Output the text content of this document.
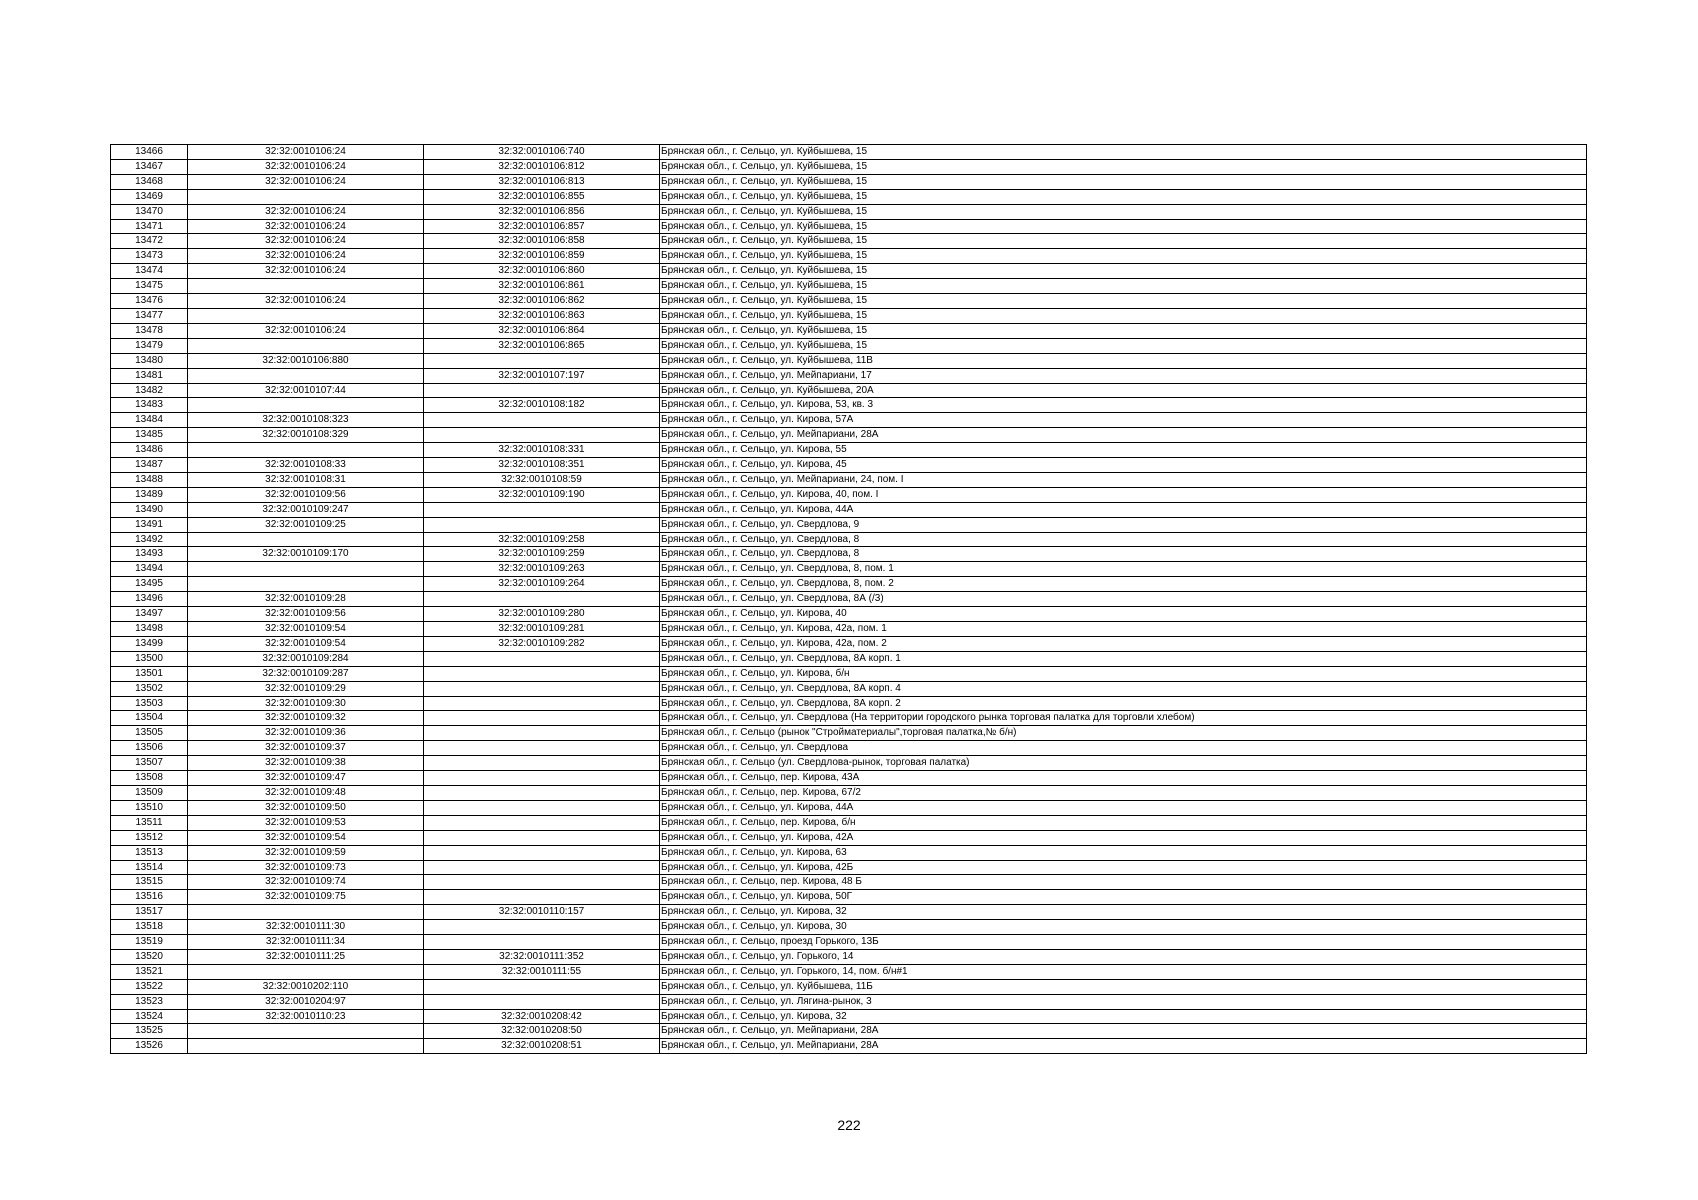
13466	32:32:0010106:24	32:32:0010106:740	Брянская обл., г. Сельцо, ул. Куйбышева, 15
13467	32:32:0010106:24	32:32:0010106:812	Брянская обл., г. Сельцо, ул. Куйбышева, 15
13468	32:32:0010106:24	32:32:0010106:813	Брянская обл., г. Сельцо, ул. Куйбышева, 15
13469		32:32:0010106:855	Брянская обл., г. Сельцо, ул. Куйбышева, 15
13470	32:32:0010106:24	32:32:0010106:856	Брянская обл., г. Сельцо, ул. Куйбышева, 15
13471	32:32:0010106:24	32:32:0010106:857	Брянская обл., г. Сельцо, ул. Куйбышева, 15
13472	32:32:0010106:24	32:32:0010106:858	Брянская обл., г. Сельцо, ул. Куйбышева, 15
13473	32:32:0010106:24	32:32:0010106:859	Брянская обл., г. Сельцо, ул. Куйбышева, 15
13474	32:32:0010106:24	32:32:0010106:860	Брянская обл., г. Сельцо, ул. Куйбышева, 15
13475		32:32:0010106:861	Брянская обл., г. Сельцо, ул. Куйбышева, 15
13476	32:32:0010106:24	32:32:0010106:862	Брянская обл., г. Сельцо, ул. Куйбышева, 15
13477		32:32:0010106:863	Брянская обл., г. Сельцо, ул. Куйбышева, 15
13478	32:32:0010106:24	32:32:0010106:864	Брянская обл., г. Сельцо, ул. Куйбышева, 15
13479		32:32:0010106:865	Брянская обл., г. Сельцо, ул. Куйбышева, 15
13480	32:32:0010106:880		Брянская обл., г. Сельцо, ул. Куйбышева, 11В
13481		32:32:0010107:197	Брянская обл., г. Сельцо, ул. Мейпариани, 17
13482	32:32:0010107:44		Брянская обл., г. Сельцо, ул. Куйбышева, 20А
13483		32:32:0010108:182	Брянская обл., г. Сельцо, ул. Кирова, 53, кв. 3
13484	32:32:0010108:323		Брянская обл., г. Сельцо, ул. Кирова, 57А
13485	32:32:0010108:329		Брянская обл., г. Сельцо, ул. Мейпариани, 28А
13486		32:32:0010108:331	Брянская обл., г. Сельцо, ул. Кирова, 55
13487	32:32:0010108:33	32:32:0010108:351	Брянская обл., г. Сельцо, ул. Кирова, 45
13488	32:32:0010108:31	32:32:0010108:59	Брянская обл., г. Сельцо, ул. Мейпариани, 24, пом. I
13489	32:32:0010109:56	32:32:0010109:190	Брянская обл., г. Сельцо, ул. Кирова, 40, пом. I
13490	32:32:0010109:247		Брянская обл., г. Сельцо, ул. Кирова, 44А
13491	32:32:0010109:25		Брянская обл., г. Сельцо, ул. Свердлова, 9
13492		32:32:0010109:258	Брянская обл., г. Сельцо, ул. Свердлова, 8
13493	32:32:0010109:170	32:32:0010109:259	Брянская обл., г. Сельцо, ул. Свердлова, 8
13494		32:32:0010109:263	Брянская обл., г. Сельцо, ул. Свердлова, 8, пом. 1
13495		32:32:0010109:264	Брянская обл., г. Сельцо, ул. Свердлова, 8, пом. 2
13496	32:32:0010109:28		Брянская обл., г. Сельцо, ул. Свердлова, 8А (/3)
13497	32:32:0010109:56	32:32:0010109:280	Брянская обл., г. Сельцо, ул. Кирова, 40
13498	32:32:0010109:54	32:32:0010109:281	Брянская обл., г. Сельцо, ул. Кирова, 42а, пом. 1
13499	32:32:0010109:54	32:32:0010109:282	Брянская обл., г. Сельцо, ул. Кирова, 42а, пом. 2
13500	32:32:0010109:284		Брянская обл., г. Сельцо, ул. Свердлова, 8А корп. 1
13501	32:32:0010109:287		Брянская обл., г. Сельцо, ул. Кирова, б/н
13502	32:32:0010109:29		Брянская обл., г. Сельцо, ул. Свердлова, 8А корп. 4
13503	32:32:0010109:30		Брянская обл., г. Сельцо, ул. Свердлова, 8А корп. 2
13504	32:32:0010109:32		Брянская обл., г. Сельцо, ул. Свердлова (На территории городского рынка торговая палатка для торговли хлебом)
13505	32:32:0010109:36		Брянская обл., г. Сельцо (рынок "Стройматериалы",торговая палатка,№ б/н)
13506	32:32:0010109:37		Брянская обл., г. Сельцо, ул. Свердлова
13507	32:32:0010109:38		Брянская обл., г. Сельцо (ул. Свердлова-рынок, торговая палатка)
13508	32:32:0010109:47		Брянская обл., г. Сельцо, пер. Кирова, 43А
13509	32:32:0010109:48		Брянская обл., г. Сельцо, пер. Кирова, 67/2
13510	32:32:0010109:50		Брянская обл., г. Сельцо, ул. Кирова, 44А
13511	32:32:0010109:53		Брянская обл., г. Сельцо, пер. Кирова, б/н
13512	32:32:0010109:54		Брянская обл., г. Сельцо, ул. Кирова, 42А
13513	32:32:0010109:59		Брянская обл., г. Сельцо, ул. Кирова, 63
13514	32:32:0010109:73		Брянская обл., г. Сельцо, ул. Кирова, 42Б
13515	32:32:0010109:74		Брянская обл., г. Сельцо, пер. Кирова, 48 Б
13516	32:32:0010109:75		Брянская обл., г. Сельцо, ул. Кирова, 50Г
13517		32:32:0010110:157	Брянская обл., г. Сельцо, ул. Кирова, 32
13518	32:32:0010111:30		Брянская обл., г. Сельцо, ул. Кирова, 30
13519	32:32:0010111:34		Брянская обл., г. Сельцо, проезд Горького, 13Б
13520	32:32:0010111:25	32:32:0010111:352	Брянская обл., г. Сельцо, ул. Горького, 14
13521		32:32:0010111:55	Брянская обл., г. Сельцо, ул. Горького, 14, пом. б/н#1
13522	32:32:0010202:110		Брянская обл., г. Сельцо, ул. Куйбышева, 11Б
13523	32:32:0010204:97		Брянская обл., г. Сельцо, ул. Лягина-рынок, 3
13524	32:32:0010110:23	32:32:0010208:42	Брянская обл., г. Сельцо, ул. Кирова, 32
13525		32:32:0010208:50	Брянская обл., г. Сельцо, ул. Мейпариани, 28А
13526		32:32:0010208:51	Брянская обл., г. Сельцо, ул. Мейпариани, 28А
222
